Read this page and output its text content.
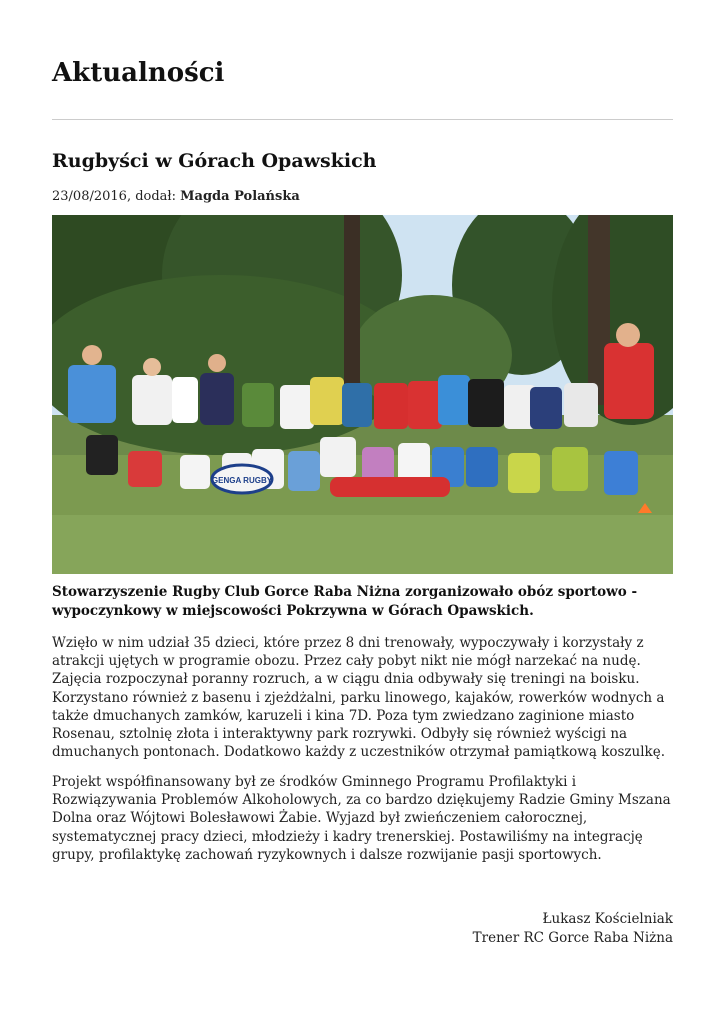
Aktualności
Rugbyści w Górach Opawskich
23/08/2016, dodał: Magda Polańska
GENGA RUGBY

Stowarzyszenie Rugby Club Gorce Raba Niżna zorganizowało obóz sportowo - wypoczynkowy w miejscowości Pokrzywna w Górach Opawskich.

Wzięło w nim udział 35 dzieci, które przez 8 dni trenowały, wypoczywały i korzystały z atrakcji ujętych w programie obozu. Przez cały pobyt nikt nie mógł narzekać na nudę. Zajęcia rozpoczynał poranny rozruch, a w ciągu dnia odbywały się treningi na boisku. Korzystano również z basenu i zjeżdżalni, parku linowego, kajaków, rowerków wodnych a także dmuchanych zamków, karuzeli i kina 7D. Poza tym zwiedzano zaginione miasto Rosenau, sztolnię złota i interaktywny park rozrywki. Odbyły się również wyścigi na dmuchanych pontonach. Dodatkowo każdy z uczestników otrzymał pamiątkową koszulkę.

Projekt współfinansowany był ze środków Gminnego Programu Profilaktyki i Rozwiązywania Problemów Alkoholowych, za co bardzo dziękujemy Radzie Gminy Mszana Dolna oraz Wójtowi Bolesławowi Żabie. Wyjazd był zwieńczeniem całorocznej, systematycznej pracy dzieci, młodzieży i kadry trenerskiej. Postawiliśmy na integrację grupy, profilaktykę zachowań ryzykownych i dalsze rozwijanie pasji sportowych.

Łukasz Kościelniak
Trener RC Gorce Raba Niżna
